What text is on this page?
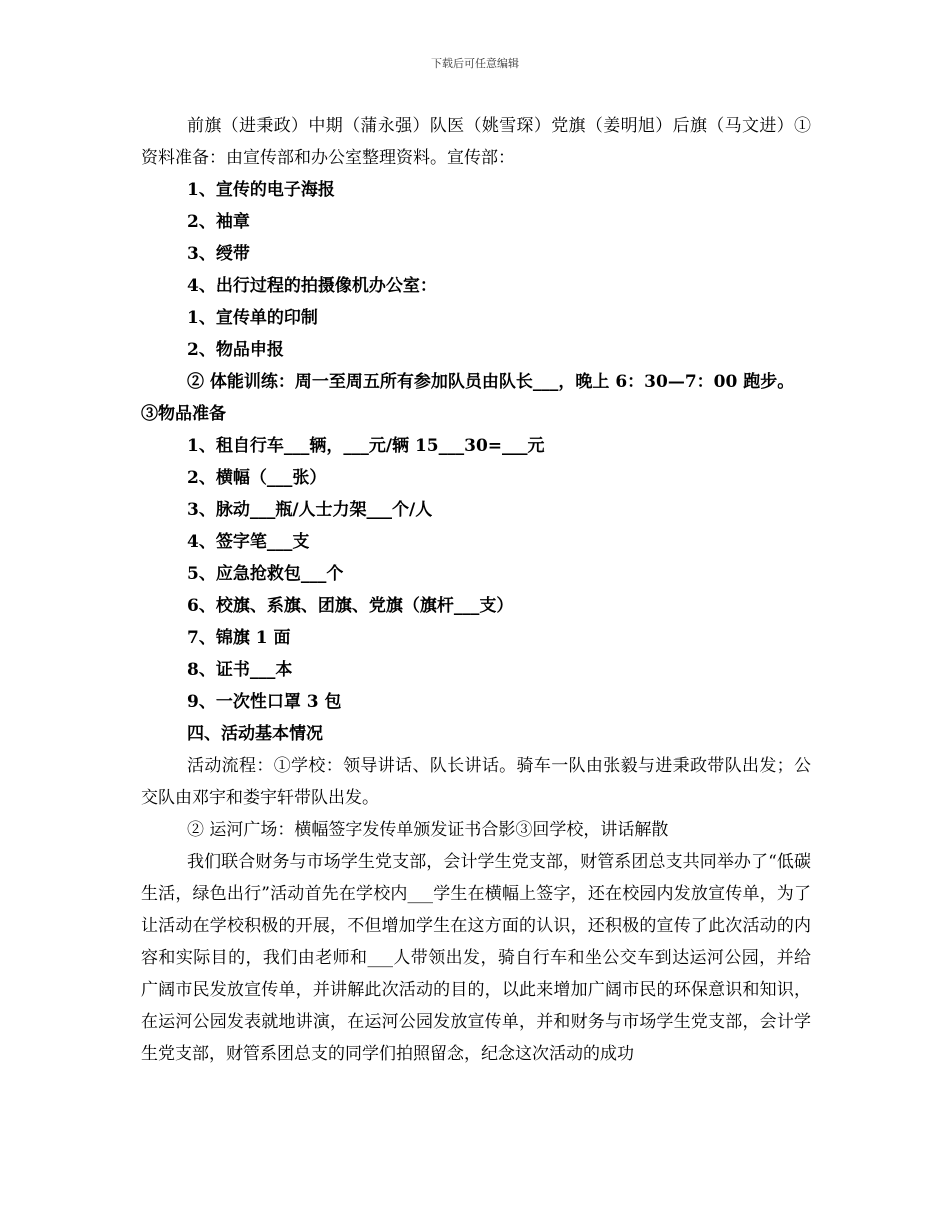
下载后可任意编辑
前旗（进秉政）中期（蒲永强）队医（姚雪琛）党旗（姜明旭）后旗（马文进）①资料准备：由宣传部和办公室整理资料。宣传部：
1、宣传的电子海报
2、袖章
3、绶带
4、出行过程的拍摄像机办公室：
1、宣传单的印制
2、物品申报
② 体能训练：周一至周五所有参加队员由队长___，晚上 6：30—7：00 跑步。
③物品准备
1、租自行车___辆，___元/辆 15___30=___元
2、横幅（___张）
3、脉动___瓶/人士力架___个/人
4、签字笔___支
5、应急抢救包___个
6、校旗、系旗、团旗、党旗（旗杆___支）
7、锦旗 1 面
8、证书___本
9、一次性口罩 3 包
四、活动基本情况
活动流程：①学校：领导讲话、队长讲话。骑车一队由张毅与进秉政带队出发；公交队由邓宇和娄宇轩带队出发。
② 运河广场：横幅签字发传单颁发证书合影③回学校，讲话解散
我们联合财务与市场学生党支部，会计学生党支部，财管系团总支共同举办了“低碳生活，绿色出行”活动首先在学校内___学生在横幅上签字，还在校园内发放宣传单，为了让活动在学校积极的开展，不但增加学生在这方面的认识，还积极的宣传了此次活动的内容和实际目的，我们由老师和___人带领出发，骑自行车和坐公交车到达运河公园，并给广阔市民发放宣传单，并讲解此次活动的目的，以此来增加广阔市民的环保意识和知识，在运河公园发表就地讲演，在运河公园发放宣传单，并和财务与市场学生党支部，会计学生党支部，财管系团总支的同学们拍照留念，纪念这次活动的成功
